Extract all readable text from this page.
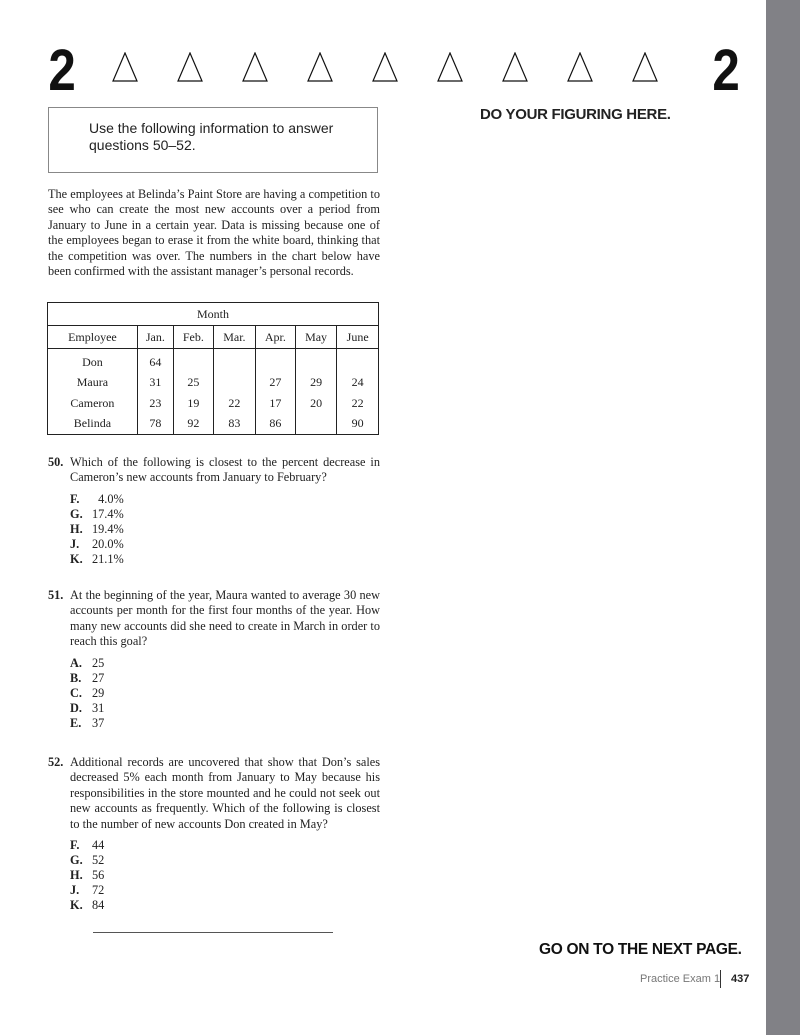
2	2
Use the following information to answer questions 50–52.
DO YOUR FIGURING HERE.
The employees at Belinda’s Paint Store are having a competition to see who can create the most new accounts over a period from January to June in a certain year. Data is missing because one of the employees began to erase it from the white board, thinking that the competition was over. The numbers in the chart below have been confirmed with the assistant manager’s personal records.
Month						
Employee	Jan.	Feb.	Mar.	Apr.	May	June
Don	64					
Maura	31	25		27	29	24
Cameron	23	19	22	17	20	22
Belinda	78	92	83	86		90
50. Which of the following is closest to the percent decrease in Cameron’s new accounts from January to February?
F.  4.0%
G. 17.4%
H. 19.4%
J. 20.0%
K. 21.1%
51. At the beginning of the year, Maura wanted to average 30 new accounts per month for the first four months of the year. How many new accounts did she need to create in March in order to reach this goal?
A. 25
B. 27
C. 29
D. 31
E. 37
52. Additional records are uncovered that show that Don’s sales decreased 5% each month from January to May because his responsibilities in the store mounted and he could not seek out new accounts as frequently. Which of the following is closest to the number of new accounts Don created in May?
F. 44
G. 52
H. 56
J. 72
K. 84
GO ON TO THE NEXT PAGE.
Practice Exam 1 437
